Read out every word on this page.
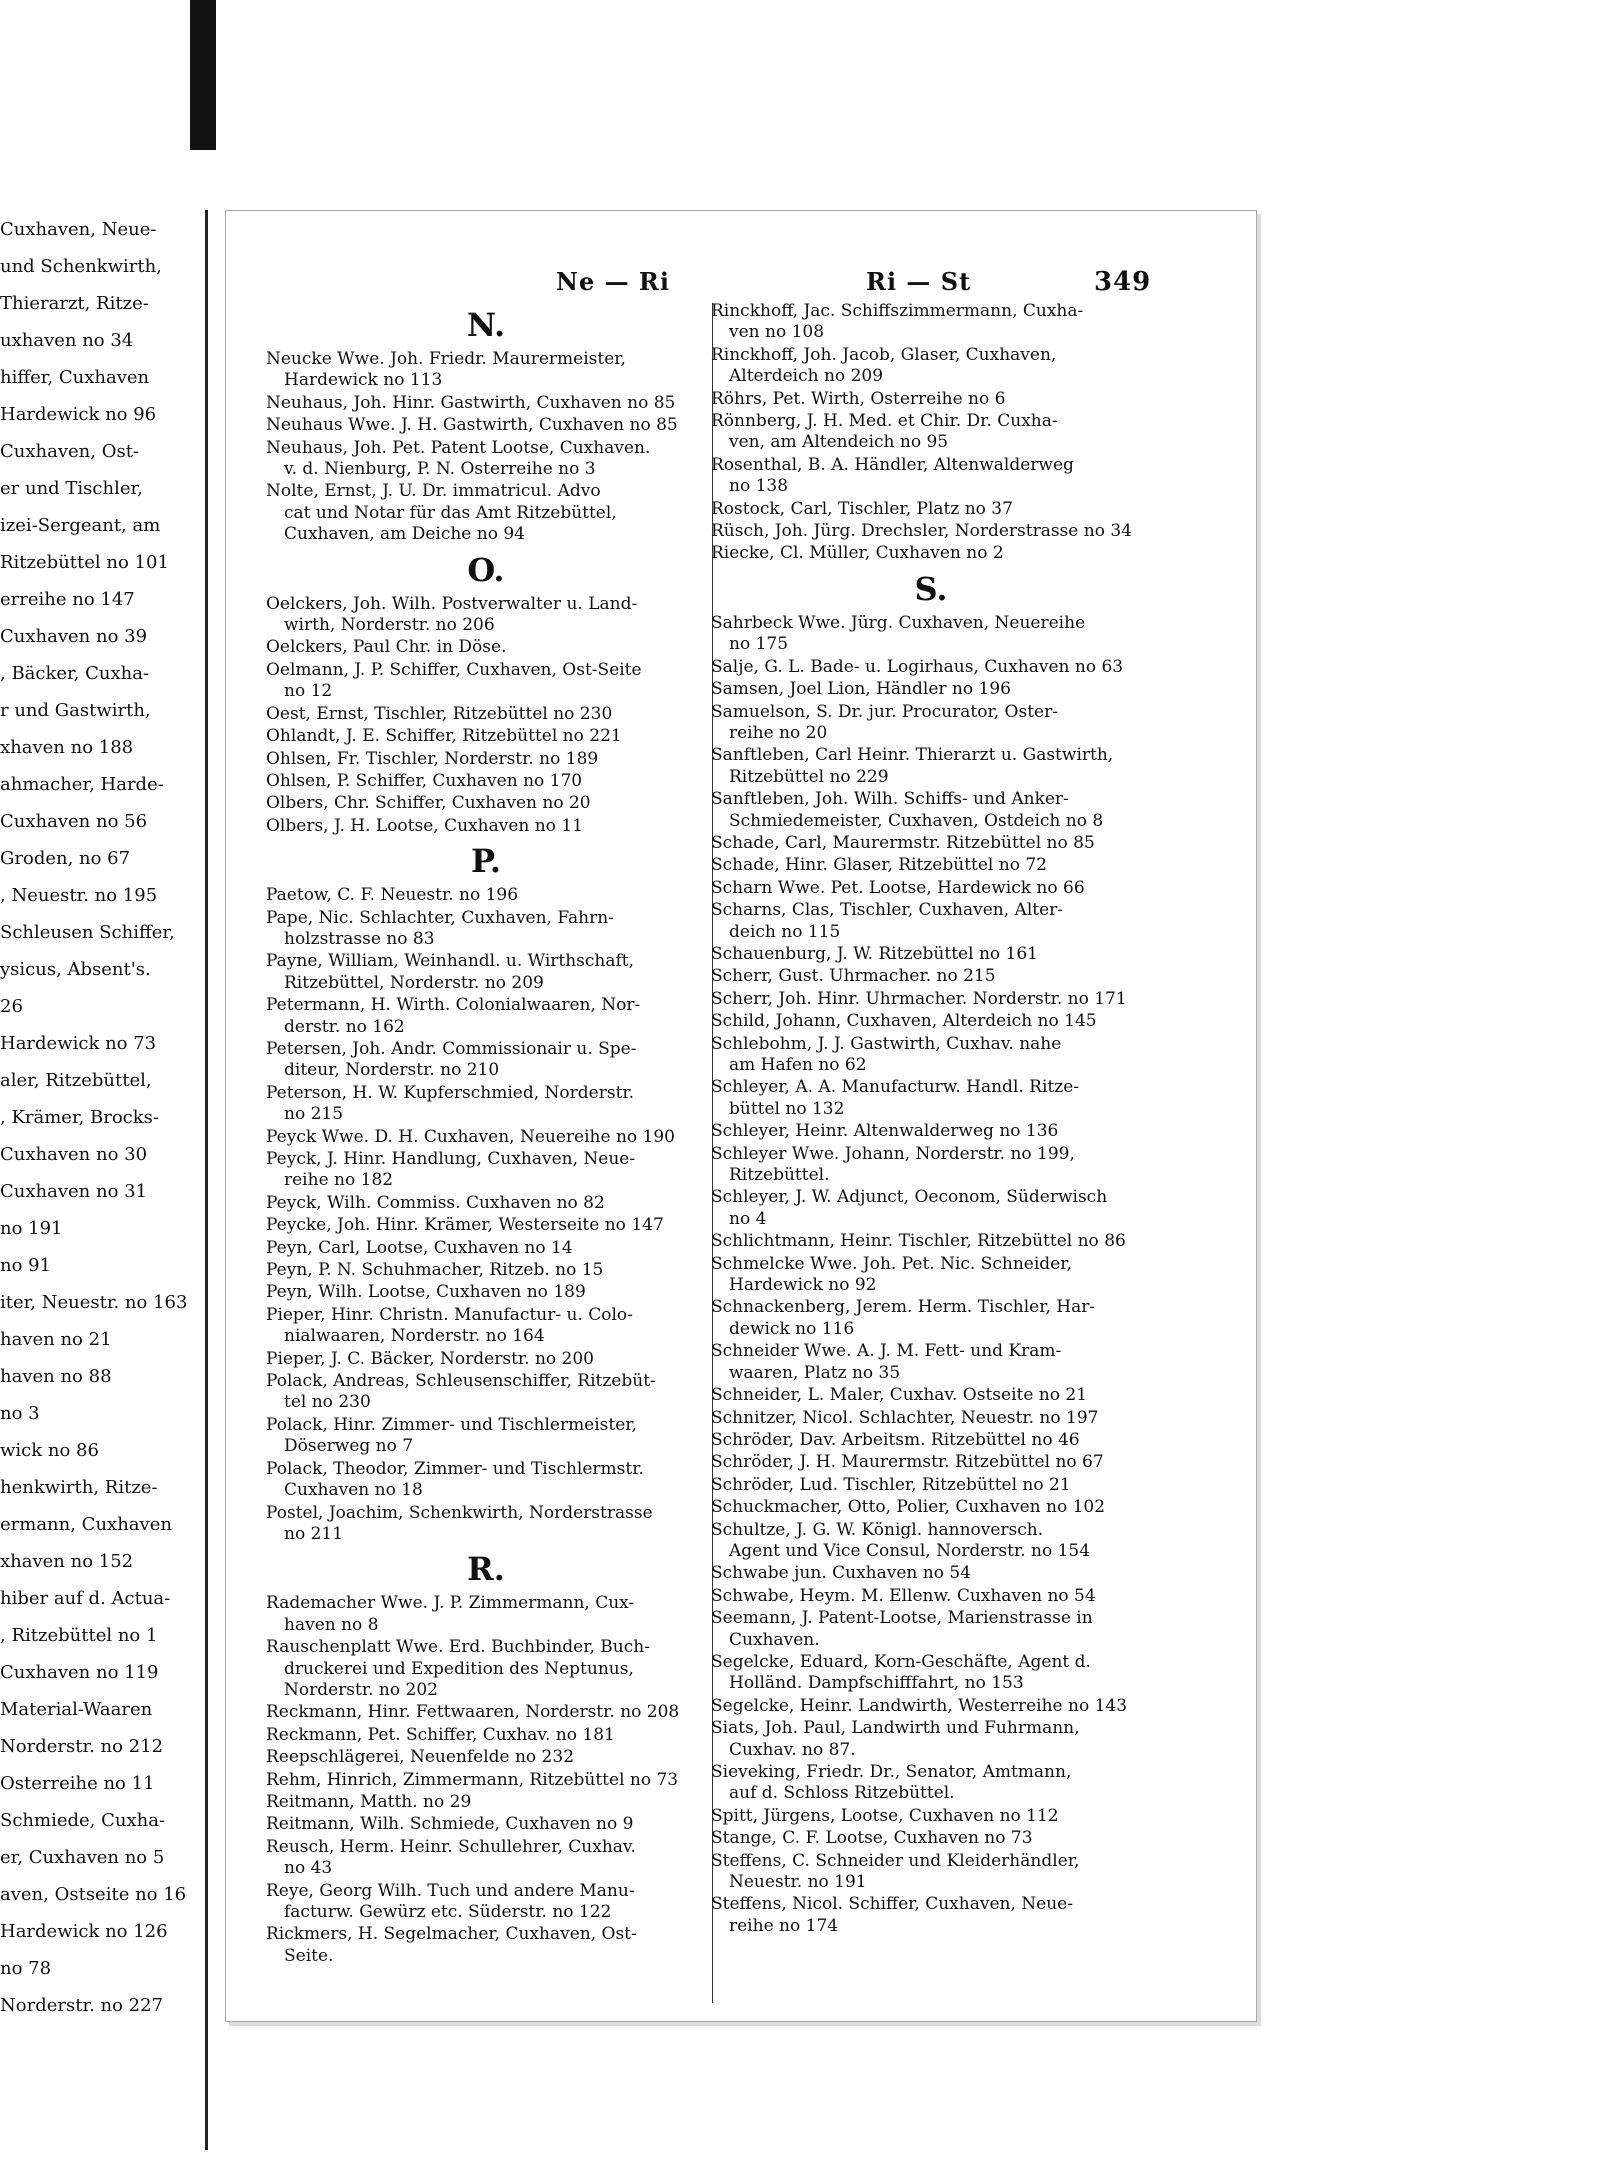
Cuxhaven, Neue-
und Schenkwirth,
Thierarzt, Ritze-
uxhaven no 34
hiffer, Cuxhaven
Hardewick no 96
Cuxhaven, Ost-
er und Tischler,
izei-Sergeant, am
Ritzebüttel no 101
erreihe no 147
Cuxhaven no 39
, Bäcker, Cuxha-
r und Gastwirth,
xhaven no 188
ahmacher, Harde-
Cuxhaven no 56
Groden, no 67
, Neuestr. no 195
Schleusen Schiffer,
ysicus, Absent's.
26
Hardewick no 73
aler, Ritzebüttel,
, Krämer, Brocks-
Cuxhaven no 30
Cuxhaven no 31
no 191
no 91
iter, Neuestr. no 163
haven no 21
haven no 88
no 3
wick no 86
henkwirth, Ritze-
ermann, Cuxhaven
xhaven no 152
hiber auf d. Actua-
, Ritzebüttel no 1
Cuxhaven no 119
Material-Waaren
Norderstr. no 212
Osterreihe no 11
Schmiede, Cuxha-
er, Cuxhaven no 5
aven, Ostseite no 16
Hardewick no 126
no 78
Norderstr. no 227
Ne — Ri	Ri — St	349
N.
Neucke Wwe. Joh. Friedr. Maurermeister,
Hardewick no 113
Neuhaus, Joh. Hinr. Gastwirth, Cuxhaven no 85
Neuhaus Wwe. J. H. Gastwirth, Cuxhaven no 85
Neuhaus, Joh. Pet. Patent Lootse, Cuxhaven.
v. d. Nienburg, P. N. Osterreihe no 3
Nolte, Ernst, J. U. Dr. immatricul. Advo
cat und Notar für das Amt Ritzebüttel, Cuxhaven, am Deiche no 94
O.
Oelckers, Joh. Wilh. Postverwalter u. Land-
wirth, Norderstr. no 206
Oelckers, Paul Chr. in Döse.
Oelmann, J. P. Schiffer, Cuxhaven, Ost-Seite
no 12
Oest, Ernst, Tischler, Ritzebüttel no 230
Ohlandt, J. E. Schiffer, Ritzebüttel no 221
Ohlsen, Fr. Tischler, Norderstr. no 189
Ohlsen, P. Schiffer, Cuxhaven no 170
Olbers, Chr. Schiffer, Cuxhaven no 20
Olbers, J. H. Lootse, Cuxhaven no 11
P.
Paetow, C. F. Neuestr. no 196
Pape, Nic. Schlachter, Cuxhaven, Fahrn-
holzstrasse no 83
Payne, William, Weinhandl. u. Wirthschaft,
Ritzebüttel, Norderstr. no 209
Petermann, H. Wirth. Colonialwaaren, Nor-
derstr. no 162
Petersen, Joh. Andr. Commissionair u. Spe-
diteur, Norderstr. no 210
Peterson, H. W. Kupferschmied, Norderstr.
no 215
Peyck Wwe. D. H. Cuxhaven, Neuereihe no 190
Peyck, J. Hinr. Handlung, Cuxhaven, Neue-
reihe no 182
Peyck, Wilh. Commiss. Cuxhaven no 82
Peycke, Joh. Hinr. Krämer, Westerseite no 147
Peyn, Carl, Lootse, Cuxhaven no 14
Peyn, P. N. Schuhmacher, Ritzeb. no 15
Peyn, Wilh. Lootse, Cuxhaven no 189
Pieper, Hinr. Christn. Manufactur- u. Colo-
nialwaaren, Norderstr. no 164
Pieper, J. C. Bäcker, Norderstr. no 200
Polack, Andreas, Schleusenschiffer, Ritzebüt-
tel no 230
Polack, Hinr. Zimmer- und Tischlermeister,
Döserweg no 7
Polack, Theodor, Zimmer- und Tischlermstr.
Cuxhaven no 18
Postel, Joachim, Schenkwirth, Norderstrasse
no 211
R.
Rademacher Wwe. J. P. Zimmermann, Cux-
haven no 8
Rauschenplatt Wwe. Erd. Buchbinder, Buch-
druckerei und Expedition des Neptunus, Norderstr. no 202
Reckmann, Hinr. Fettwaaren, Norderstr. no 208
Reckmann, Pet. Schiffer, Cuxhav. no 181
Reepschlägerei, Neuenfelde no 232
Rehm, Hinrich, Zimmermann, Ritzebüttel no 73
Reitmann, Matth. no 29
Reitmann, Wilh. Schmiede, Cuxhaven no 9
Reusch, Herm. Heinr. Schullehrer, Cuxhav.
no 43
Reye, Georg Wilh. Tuch und andere Manu-
facturw. Gewürz etc. Süderstr. no 122
Rickmers, H. Segelmacher, Cuxhaven, Ost-
Seite.
Rinckhoff, Jac. Schiffszimmermann, Cuxha-
ven no 108
Rinckhoff, Joh. Jacob, Glaser, Cuxhaven,
Alterdeich no 209
Röhrs, Pet. Wirth, Osterreihe no 6
Rönnberg, J. H. Med. et Chir. Dr. Cuxha-
ven, am Altendeich no 95
Rosenthal, B. A. Händler, Altenwalderweg
no 138
Rostock, Carl, Tischler, Platz no 37
Rüsch, Joh. Jürg. Drechsler, Norderstrasse no 34
Riecke, Cl. Müller, Cuxhaven no 2
S.
Sahrbeck Wwe. Jürg. Cuxhaven, Neuereihe
no 175
Salje, G. L. Bade- u. Logirhaus, Cuxhaven no 63
Samsen, Joel Lion, Händler no 196
Samuelson, S. Dr. jur. Procurator, Oster-
reihe no 20
Sanftleben, Carl Heinr. Thierarzt u. Gastwirth,
Ritzebüttel no 229
Sanftleben, Joh. Wilh. Schiffs- und Anker-
Schmiedemeister, Cuxhaven, Ostdeich no 8
Schade, Carl, Maurermstr. Ritzebüttel no 85
Schade, Hinr. Glaser, Ritzebüttel no 72
Scharn Wwe. Pet. Lootse, Hardewick no 66
Scharns, Clas, Tischler, Cuxhaven, Alter-
deich no 115
Schauenburg, J. W. Ritzebüttel no 161
Scherr, Gust. Uhrmacher. no 215
Scherr, Joh. Hinr. Uhrmacher. Norderstr. no 171
Schild, Johann, Cuxhaven, Alterdeich no 145
Schlebohm, J. J. Gastwirth, Cuxhav. nahe
am Hafen no 62
Schleyer, A. A. Manufacturw. Handl. Ritze-
büttel no 132
Schleyer, Heinr. Altenwalderweg no 136
Schleyer Wwe. Johann, Norderstr. no 199,
Ritzebüttel.
Schleyer, J. W. Adjunct, Oeconom, Süderwisch
no 4
Schlichtmann, Heinr. Tischler, Ritzebüttel no 86
Schmelcke Wwe. Joh. Pet. Nic. Schneider,
Hardewick no 92
Schnackenberg, Jerem. Herm. Tischler, Har-
dewick no 116
Schneider Wwe. A. J. M. Fett- und Kram-
waaren, Platz no 35
Schneider, L. Maler, Cuxhav. Ostseite no 21
Schnitzer, Nicol. Schlachter, Neuestr. no 197
Schröder, Dav. Arbeitsm. Ritzebüttel no 46
Schröder, J. H. Maurermstr. Ritzebüttel no 67
Schröder, Lud. Tischler, Ritzebüttel no 21
Schuckmacher, Otto, Polier, Cuxhaven no 102
Schultze, J. G. W. Königl. hannoversch.
Agent und Vice Consul, Norderstr. no 154
Schwabe jun. Cuxhaven no 54
Schwabe, Heym. M. Ellenw. Cuxhaven no 54
Seemann, J. Patent-Lootse, Marienstrasse in
Cuxhaven.
Segelcke, Eduard, Korn-Geschäfte, Agent d.
Holländ. Dampfschifffahrt, no 153
Segelcke, Heinr. Landwirth, Westerreihe no 143
Siats, Joh. Paul, Landwirth und Fuhrmann,
Cuxhav. no 87.
Sieveking, Friedr. Dr., Senator, Amtmann,
auf d. Schloss Ritzebüttel.
Spitt, Jürgens, Lootse, Cuxhaven no 112
Stange, C. F. Lootse, Cuxhaven no 73
Steffens, C. Schneider und Kleiderhändler,
Neuestr. no 191
Steffens, Nicol. Schiffer, Cuxhaven, Neue-
reihe no 174
